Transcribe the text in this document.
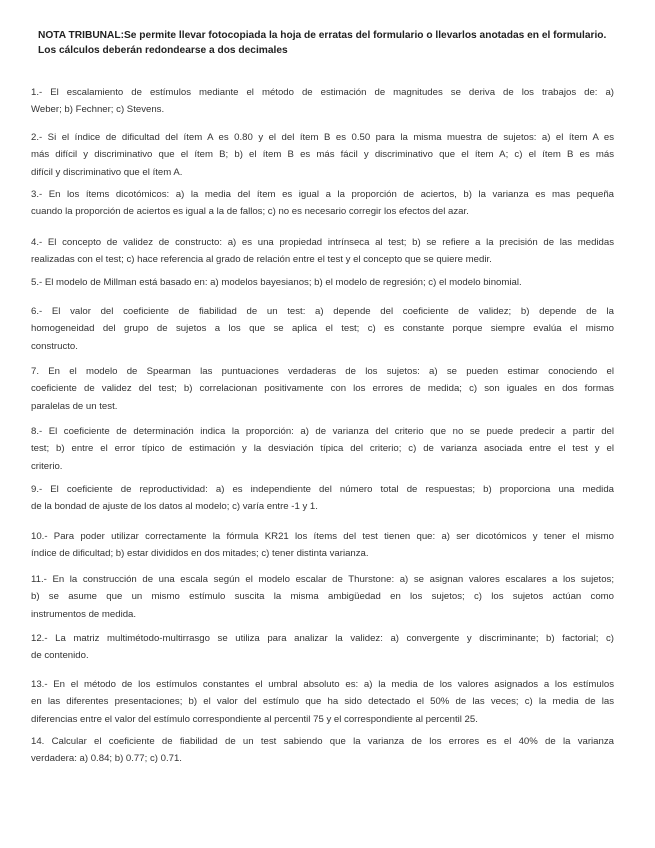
NOTA TRIBUNAL:Se permite llevar fotocopiada la hoja de erratas del formulario o llevarlos anotadas en el formulario.
Los cálculos deberán redondearse a dos decimales
1.- El escalamiento de estímulos mediante el método de estimación de magnitudes se deriva de los trabajos de: a)
Weber; b) Fechner; c) Stevens.
2.- Si el índice de dificultad del ítem A es 0.80 y el del ítem B es 0.50 para la misma muestra de sujetos: a) el ítem A es
más difícil y discriminativo que el ítem B; b) el ítem B es más fácil y discriminativo que el ítem A; c) el ítem B es más
difícil y discriminativo que el ítem A.
3.- En los ítems dicotómicos: a) la media del ítem es igual a la proporción de aciertos, b) la varianza es mas pequeña
cuando la proporción de aciertos es igual a la de fallos; c) no es necesario corregir los efectos del azar.
4.- El concepto de validez de constructo: a) es una propiedad intrínseca al test; b) se refiere a la precisión de las medidas
realizadas con el test; c) hace referencia al grado de relación entre el test y el concepto que se quiere medir.
5.- El modelo de Millman está basado en: a) modelos bayesianos; b) el modelo de regresión; c) el modelo binomial.
6.- El valor del coeficiente de fiabilidad de un test: a) depende del coeficiente de validez; b) depende de la
homogeneidad del grupo de sujetos a los que se aplica el test; c) es constante porque siempre evalúa el mismo
constructo.
7. En el modelo de Spearman las puntuaciones verdaderas de los sujetos: a) se pueden estimar conociendo el
coeficiente de validez del test; b) correlacionan positivamente con los errores de medida; c) son iguales en dos formas
paralelas de un test.
8.- El coeficiente de determinación indica la proporción: a) de varianza del criterio que no se puede predecir a partir del
test; b) entre el error típico de estimación y la desviación típica del criterio; c) de varianza asociada entre el test y el
criterio.
9.- El coeficiente de reproductividad: a) es independiente del número total de respuestas; b) proporciona una medida
de la bondad de ajuste de los datos al modelo; c) varía entre -1 y 1.
10.- Para poder utilizar correctamente la fórmula KR21 los ítems del test tienen que: a) ser dicotómicos y tener el mismo
índice de dificultad; b) estar divididos en dos mitades; c) tener distinta varianza.
11.- En la construcción de una escala según el modelo escalar de Thurstone: a) se asignan valores escalares a los sujetos;
b) se asume que un mismo estímulo suscita la misma ambigüedad en los sujetos; c) los sujetos actúan como
instrumentos de medida.
12.- La matriz multimétodo-multirrasgo se utiliza para analizar la validez: a) convergente y discriminante; b) factorial; c)
de contenido.
13.- En el método de los estímulos constantes el umbral absoluto es: a) la media de los valores asignados a los estímulos
en las diferentes presentaciones; b) el valor del estímulo que ha sido detectado el 50% de las veces; c) la media de las
diferencias entre el valor del estímulo correspondiente al percentil 75 y el correspondiente al percentil 25.
14. Calcular el coeficiente de fiabilidad de un test sabiendo que la varianza de los errores es el 40% de la varianza
verdadera: a) 0.84; b) 0.77; c) 0.71.
